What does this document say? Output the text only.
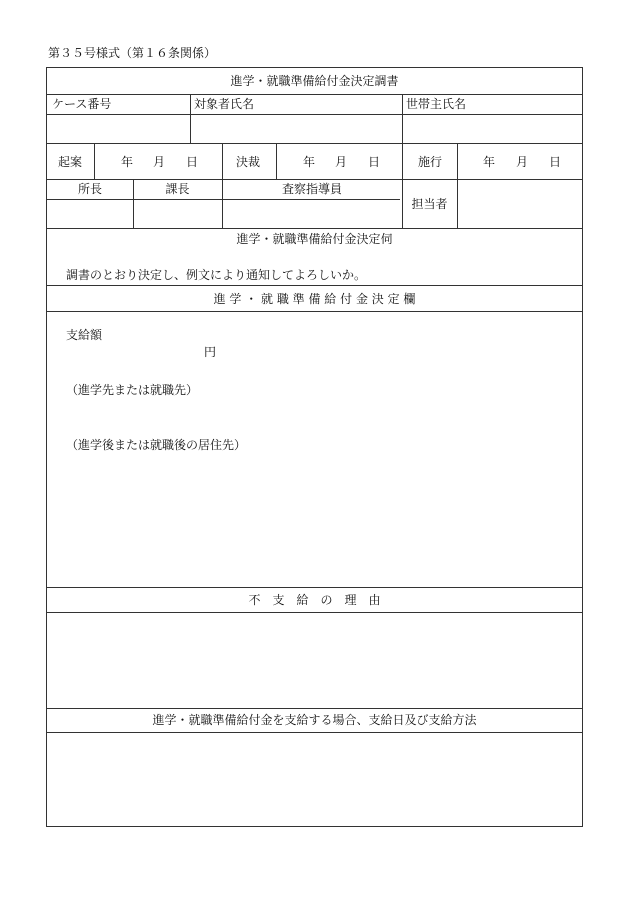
第３５号様式（第１６条関係）
進学・就職準備給付金決定調書
ケース番号	対象者氏名	世帯主氏名
起案	年 月 日	決裁	年 月 日	施行	年 月 日
所長	課長	査察指導員
担当者
進学・就職準備給付金決定伺
調書のとおり決定し、例文により通知してよろしいか。
進 学 ・ 就 職 準 備 給 付 金 決 定 欄
支給額
円
（進学先または就職先）
（進学後または就職後の居住先）
不　支　給　の　理　由
進学・就職準備給付金を支給する場合、支給日及び支給方法
